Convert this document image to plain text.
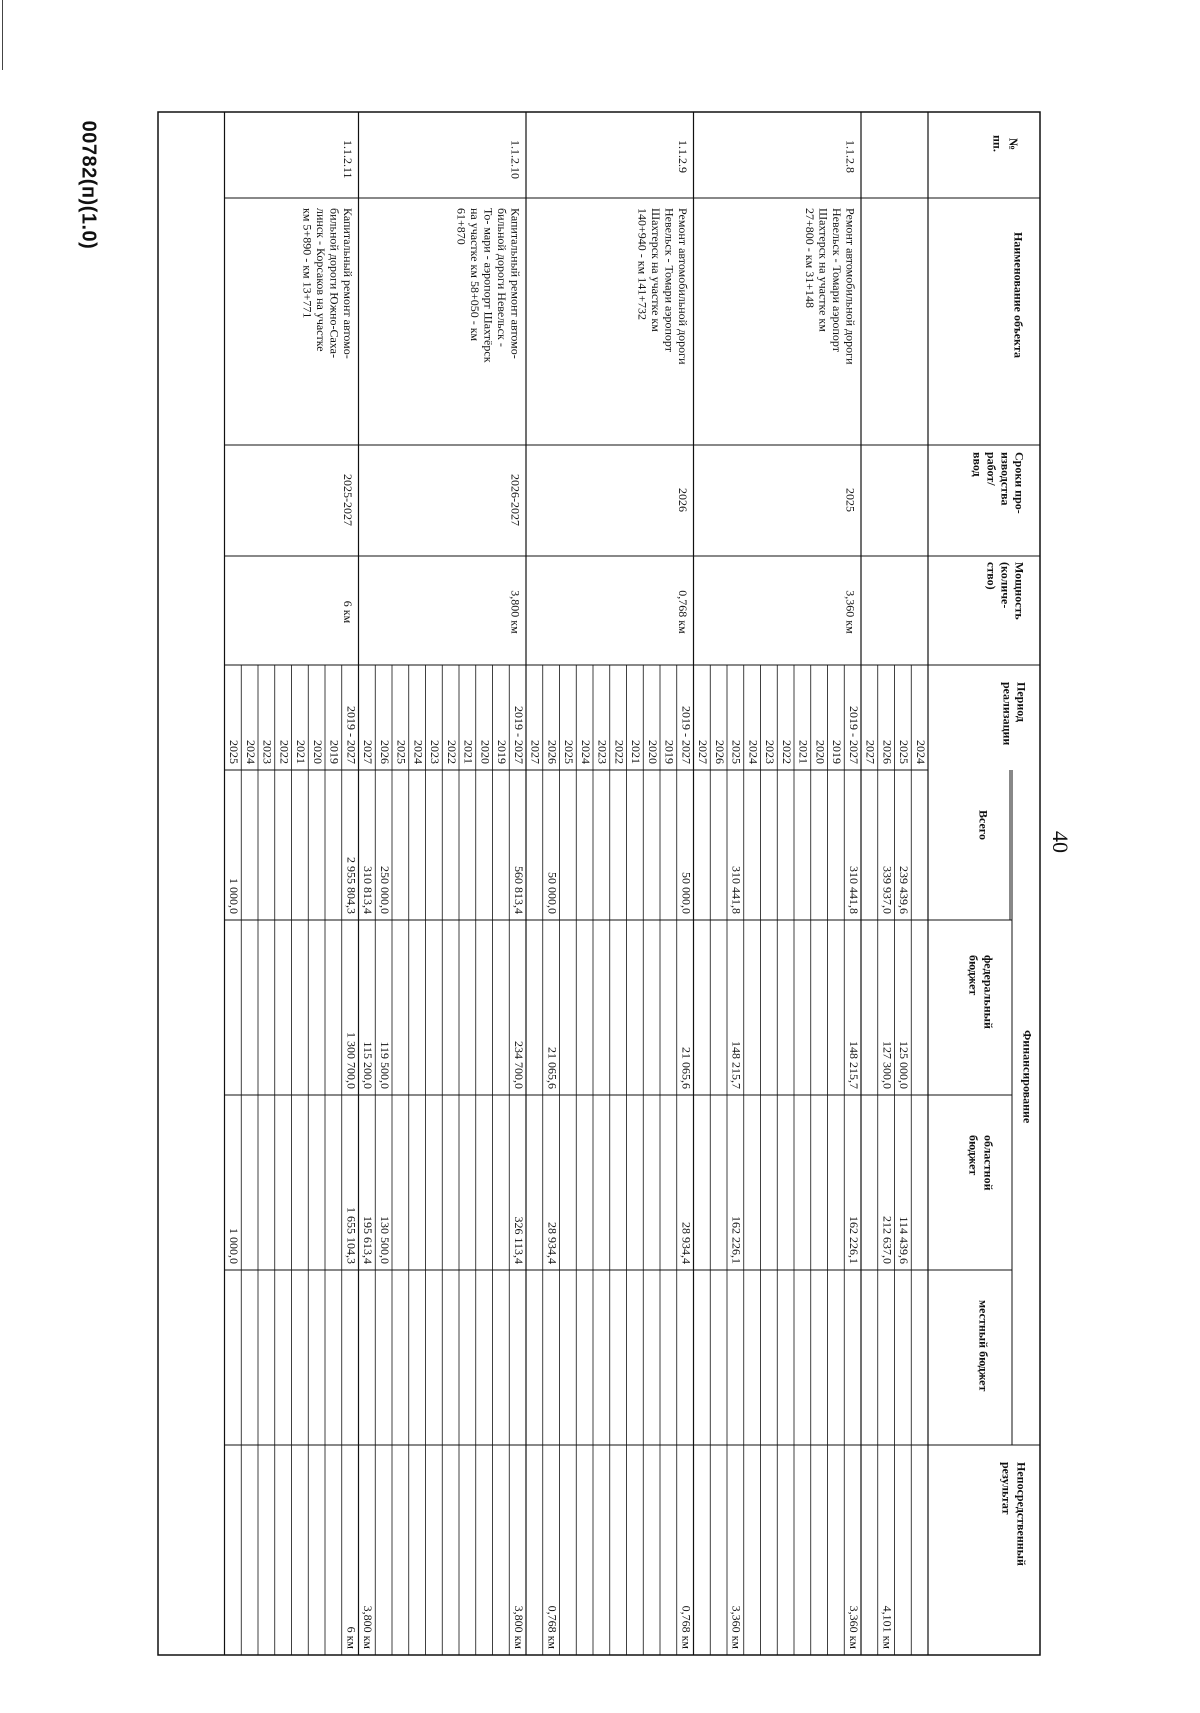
40
00782(п)(1.0)	№
пп.
Наименование объекта
Сроки про-
изводства
работ/
ввод
Мощность
(количе-
ство)
Период
реализации
Финансирование
Всего
федеральный
бюджет
областной
бюджет
местный бюджет
Непосредственный
результат
2024
2025
239 439,6
125 000,0
114 439,6
2026
339 937,0
127 300,0
212 637,0
4,101 км
2027
1.1.2.8
Ремонт автомобильной дороги
Невельск - Томари аэропорт
Шахтерск на участке км
27+800 - км 31+148
2025
3,360 км
2019 - 2027
310 441,8
148 215,7
162 226,1
3,360 км
2019
2020
2021
2022
2023
2024
2025
310 441,8
148 215,7
162 226,1
3,360 км
2026
2027
1.1.2.9
Ремонт автомобильной дороги
Невельск - Томари аэропорт
Шахтерск на участке км
140+940 - км 141+732
2026
0,768 км
2019 - 2027
50 000,0
21 065,6
28 934,4
0,768 км
2019
2020
2021
2022
2023
2024
2025
2026
50 000,0
21 065,6
28 934,4
0,768 км
2027
1.1.2.10
Капитальный ремонт автомо-
бильной дороги Невельск -
То- мари - аэропорт Шахтёрск
на участке км 58+050 - км
61+870
2026-2027
3,800 км
2019 - 2027
560 813,4
234 700,0
326 113,4
3,800 км
2019
2020
2021
2022
2023
2024
2025
2026
250 000,0
119 500,0
130 500,0
2027
310 813,4
115 200,0
195 613,4
3,800 км
1.1.2.11
Капитальный ремонт автомо-
бильной дороги Южно-Саха-
линск - Корсаков на участке
км 5+890 - км 13+771
2025-2027
6 км
2019 - 2027
2 955 804,3
1 300 700,0
1 655 104,3
6 км
2019
2020
2021
2022
2023
2024
2025
1 000,0
1 000,0
